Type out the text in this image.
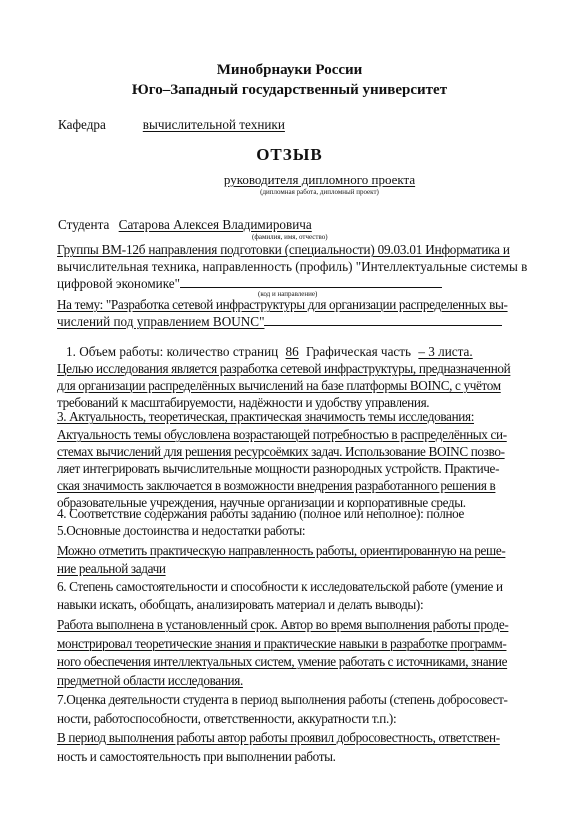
Минобрнауки России
Юго–Западный государственный университет
Кафедра	вычислительной техники
ОТЗЫВ
руководителя дипломного проекта
(дипломная работа, дипломный проект)
Студента Сатарова Алексея Владимировича
(фамилия, имя, отчество)
Группы ВМ-12б направления подготовки (специальности) 09.03.01 Информатика и
вычислительная техника, направленность (профиль) "Интеллектуальные системы в
цифровой экономике"
(код и направление)
На тему: "Разработка сетевой инфраструктуры для организации распределенных вы-
числений под управлением BOUNC"
1. Объем работы: количество страниц 86 Графическая часть – 3 листа.
Целью исследования является разработка сетевой инфраструктуры, предназначенной
для организации распределённых вычислений на базе платформы BOINC, с учётом
требований к масштабируемости, надёжности и удобству управления.
3. Актуальность, теоретическая, практическая значимость темы исследования:
Актуальность темы обусловлена возрастающей потребностью в распределённых си-
стемах вычислений для решения ресурсоёмких задач. Использование BOINC позво-
ляет интегрировать вычислительные мощности разнородных устройств. Практиче-
ская значимость заключается в возможности внедрения разработанного решения в
образовательные учреждения, научные организации и корпоративные среды.
4. Соответствие содержания работы заданию (полное или неполное): полное
5.Основные достоинства и недостатки работы:
Можно отметить практическую направленность работы, ориентированную на реше-
ние реальной задачи
6. Степень самостоятельности и способности к исследовательской работе (умение и
навыки искать, обобщать, анализировать материал и делать выводы):
Работа выполнена в установленный срок. Автор во время выполнения работы проде-
монстрировал теоретические знания и практические навыки в разработке программ-
ного обеспечения интеллектуальных систем, умение работать с источниками, знание
предметной области исследования.
7.Оценка деятельности студента в период выполнения работы (степень добросовест-
ности, работоспособности, ответственности, аккуратности т.п.):
В период выполнения работы автор работы проявил добросовестность, ответствен-
ность и самостоятельность при выполнении работы.
